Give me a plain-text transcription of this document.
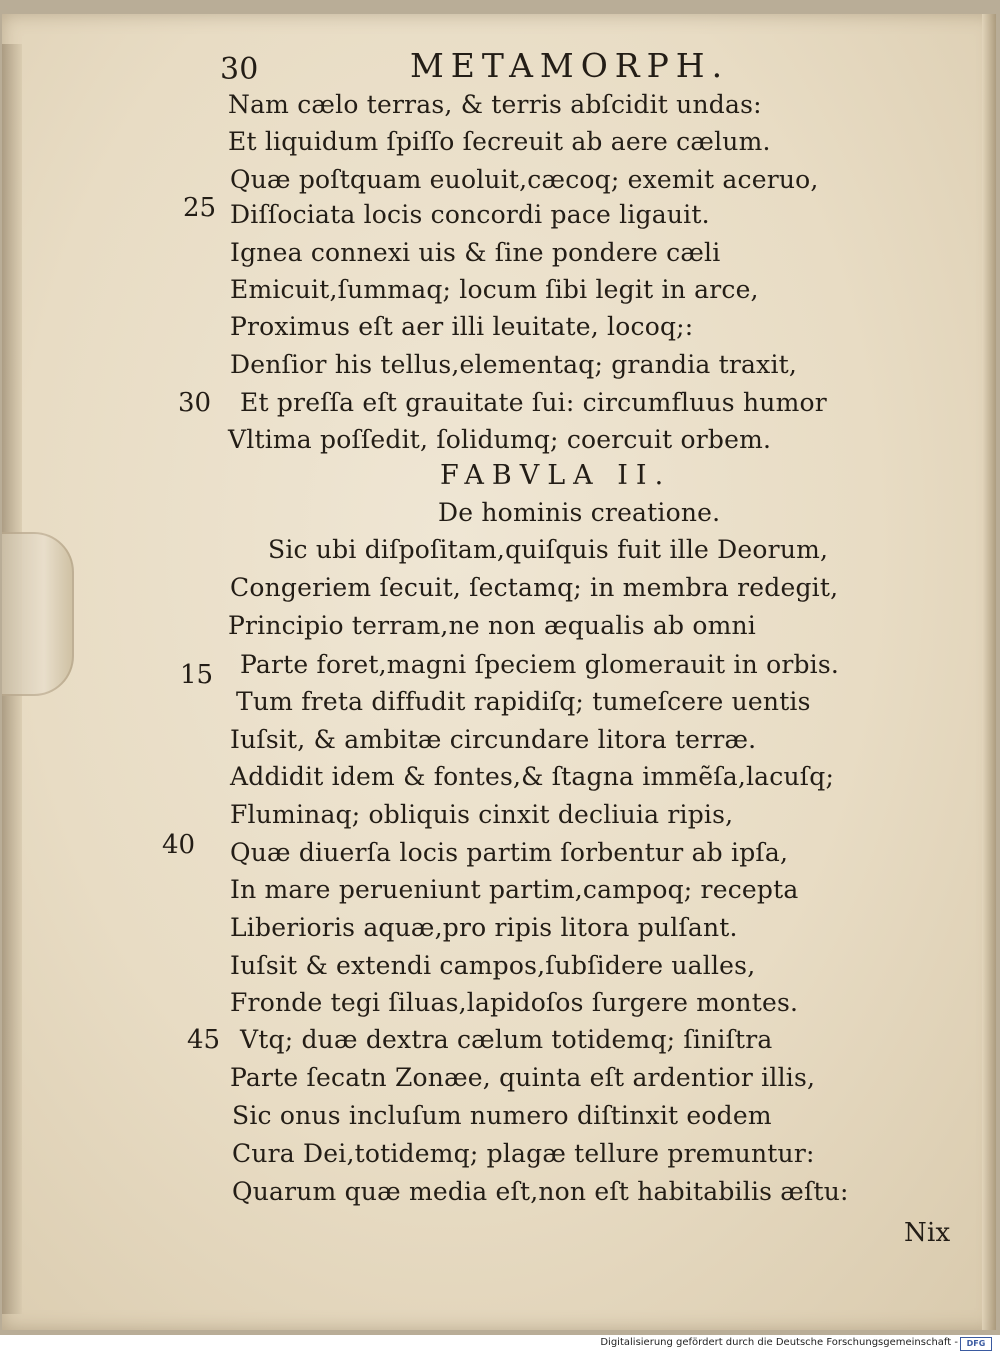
30	METAMORPH.
Nam cælo terras, & terris abſcidit undas:
Et liquidum ſpiſſo ſecreuit ab aere cælum.
Quæ poſtquam euoluit,cæcoq; exemit aceruo,
Diſſociata locis concordi pace ligauit.
Ignea connexi uis & ſine pondere cæli
Emicuit,ſummaq; locum ſibi legit in arce,
Proximus eſt aer illi leuitate, locoq;:
Denſior his tellus,elementaq; grandia traxit,
Et preſſa eſt grauitate ſui: circumfluus humor
Vltima poſſedit, ſolidumq; coercuit orbem.
FABVLA II.
De hominis creatione.
Sic ubi diſpoſitam,quiſquis fuit ille Deorum,
Congeriem ſecuit, ſectamq; in membra redegit,
Principio terram,ne non æqualis ab omni
Parte foret,magni ſpeciem glomerauit in orbis.
Tum freta diffudit rapidiſq; tumeſcere uentis
Iuſsit, & ambitæ circundare litora terræ.
Addidit idem & fontes,& ſtagna immẽſa,lacuſq;
Fluminaq; obliquis cinxit decliuia ripis,
Quæ diuerſa locis partim ſorbentur ab ipſa,
In mare perueniunt partim,campoq; recepta
Liberioris aquæ,pro ripis litora pulſant.
Iuſsit & extendi campos,ſubſidere ualles,
Fronde tegi ſiluas,lapidoſos ſurgere montes.
Vtq; duæ dextra cælum totidemq; ſiniſtra
Parte ſecatn Zonæe, quinta eſt ardentior illis,
Sic onus incluſum numero diſtinxit eodem
Cura Dei,totidemq; plagæ tellure premuntur:
Quarum quæ media eſt,non eſt habitabilis æſtu:
25
30
15
40
45
Nix
Digitalisierung gefördert durch die Deutsche Forschungsgemeinschaft -	DFG
